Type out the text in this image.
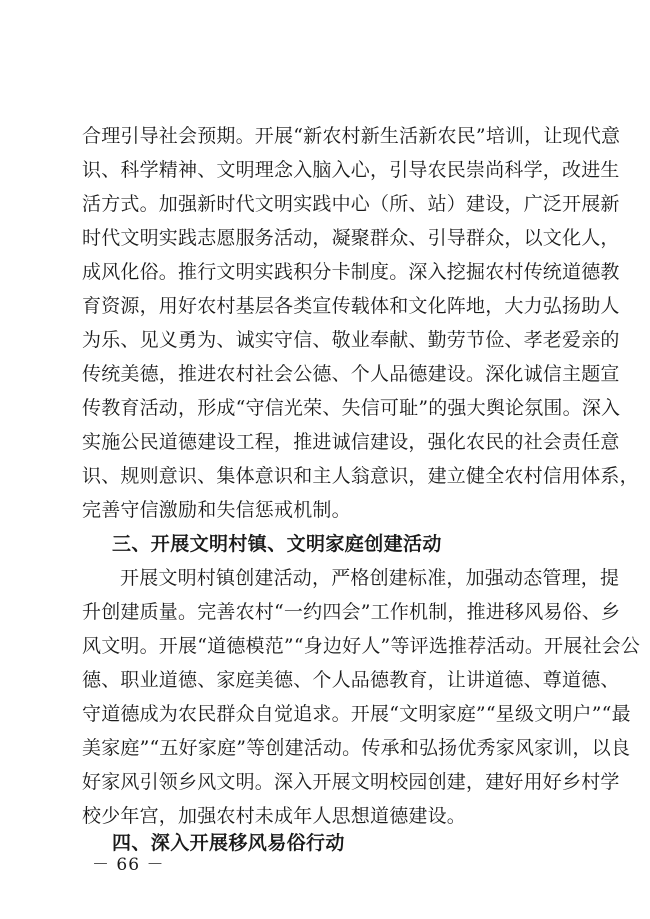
合理引导社会预期。开展“新农村新生活新农民”培训，让现代意
识、科学精神、文明理念入脑入心，引导农民崇尚科学，改进生
活方式。加强新时代文明实践中心（所、站）建设，广泛开展新
时代文明实践志愿服务活动，凝聚群众、引导群众，以文化人，
成风化俗。推行文明实践积分卡制度。深入挖掘农村传统道德教
育资源，用好农村基层各类宣传载体和文化阵地，大力弘扬助人
为乐、见义勇为、诚实守信、敬业奉献、勤劳节俭、孝老爱亲的
传统美德，推进农村社会公德、个人品德建设。深化诚信主题宣
传教育活动，形成“守信光荣、失信可耻”的强大舆论氛围。深入
实施公民道德建设工程，推进诚信建设，强化农民的社会责任意
识、规则意识、集体意识和主人翁意识，建立健全农村信用体系，
完善守信激励和失信惩戒机制。
三、开展文明村镇、文明家庭创建活动
开展文明村镇创建活动，严格创建标准，加强动态管理，提
升创建质量。完善农村“一约四会”工作机制，推进移风易俗、乡
风文明。开展“道德模范”“身边好人”等评选推荐活动。开展社会公
德、职业道德、家庭美德、个人品德教育，让讲道德、尊道德、
守道德成为农民群众自觉追求。开展“文明家庭”“星级文明户”“最
美家庭”“五好家庭”等创建活动。传承和弘扬优秀家风家训，以良
好家风引领乡风文明。深入开展文明校园创建，建好用好乡村学
校少年宫，加强农村未成年人思想道德建设。
四、深入开展移风易俗行动
－ 66 －
